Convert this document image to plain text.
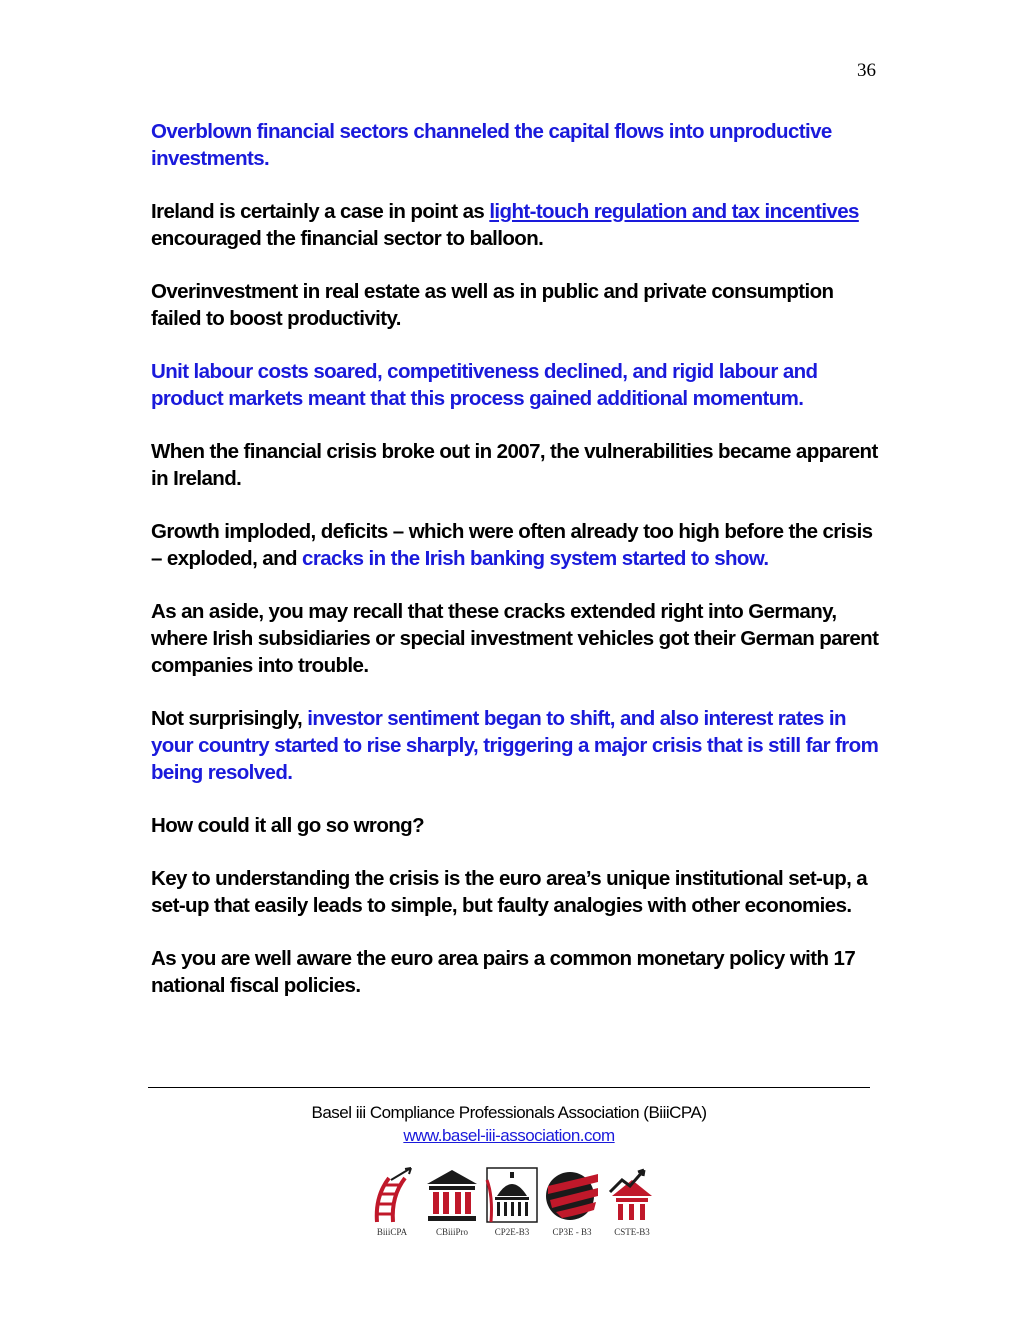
36

Overblown financial sectors channeled the capital flows into unproductive investments.

Ireland is certainly a case in point as light-touch regulation and tax incentives encouraged the financial sector to balloon.

Overinvestment in real estate as well as in public and private consumption failed to boost productivity.

Unit labour costs soared, competitiveness declined, and rigid labour and product markets meant that this process gained additional momentum.

When the financial crisis broke out in 2007, the vulnerabilities became apparent in Ireland.

Growth imploded, deficits – which were often already too high before the crisis – exploded, and cracks in the Irish banking system started to show.

As an aside, you may recall that these cracks extended right into Germany, where Irish subsidiaries or special investment vehicles got their German parent companies into trouble.

Not surprisingly, investor sentiment began to shift, and also interest rates in your country started to rise sharply, triggering a major crisis that is still far from being resolved.

How could it all go so wrong?

Key to understanding the crisis is the euro area’s unique institutional set-up, a set-up that easily leads to simple, but faulty analogies with other economies.

As you are well aware the euro area pairs a common monetary policy with 17 national fiscal policies.

Basel iii Compliance Professionals Association (BiiiCPA)
www.basel-iii-association.com
BiiiCPA	CBiiiPro	CP2E-B3	CP3E - B3	CSTE-B3
